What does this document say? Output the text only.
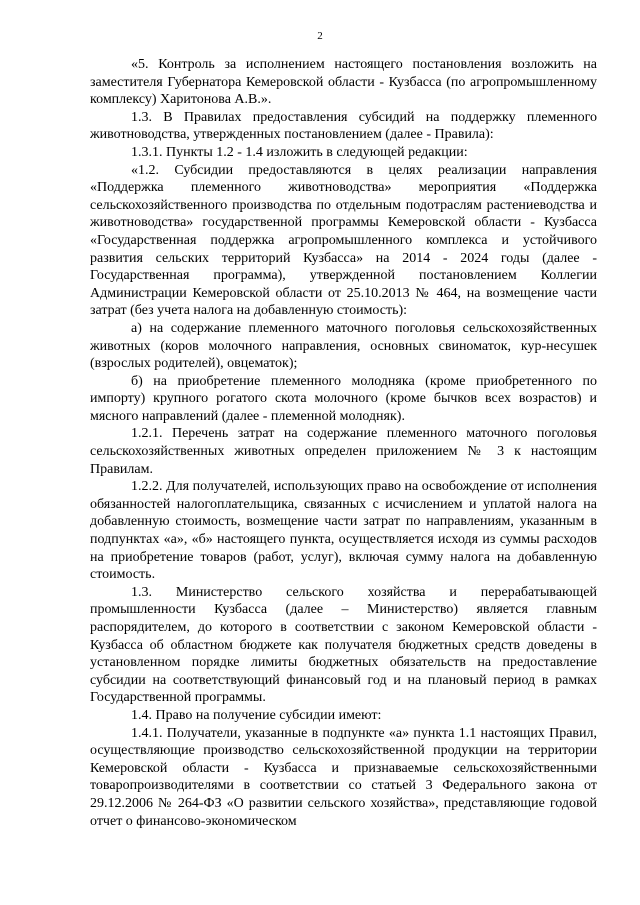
2

«5. Контроль за исполнением настоящего постановления возложить на заместителя Губернатора Кемеровской области - Кузбасса (по агропромышленному комплексу) Харитонова А.В.».

1.3. В Правилах предоставления субсидий на поддержку племенного животноводства, утвержденных постановлением (далее - Правила):

1.3.1. Пункты 1.2 - 1.4 изложить в следующей редакции:

«1.2. Субсидии предоставляются в целях реализации направления «Поддержка племенного животноводства» мероприятия «Поддержка сельскохозяйственного производства по отдельным подотраслям растениеводства и животноводства» государственной программы Кемеровской области - Кузбасса «Государственная поддержка агропромышленного комплекса и устойчивого развития сельских территорий Кузбасса» на 2014 - 2024 годы (далее - Государственная программа), утвержденной постановлением Коллегии Администрации Кемеровской области от 25.10.2013 № 464, на возмещение части затрат (без учета налога на добавленную стоимость):

а) на содержание племенного маточного поголовья сельскохозяйственных животных (коров молочного направления, основных свиноматок, кур-несушек (взрослых родителей), овцематок);

б) на приобретение племенного молодняка (кроме приобретенного по импорту) крупного рогатого скота молочного (кроме бычков всех возрастов) и мясного направлений (далее - племенной молодняк).

1.2.1. Перечень затрат на содержание племенного маточного поголовья сельскохозяйственных животных определен приложением № 3 к настоящим Правилам.

1.2.2. Для получателей, использующих право на освобождение от исполнения обязанностей налогоплательщика, связанных с исчислением и уплатой налога на добавленную стоимость, возмещение части затрат по направлениям, указанным в подпунктах «а», «б» настоящего пункта, осуществляется исходя из суммы расходов на приобретение товаров (работ, услуг), включая сумму налога на добавленную стоимость.

1.3. Министерство сельского хозяйства и перерабатывающей промышленности Кузбасса (далее – Министерство) является главным распорядителем, до которого в соответствии с законом Кемеровской области - Кузбасса об областном бюджете как получателя бюджетных средств доведены в установленном порядке лимиты бюджетных обязательств на предоставление субсидии на соответствующий финансовый год и на плановый период в рамках Государственной программы.

1.4. Право на получение субсидии имеют:

1.4.1. Получатели, указанные в подпункте «а» пункта 1.1 настоящих Правил, осуществляющие производство сельскохозяйственной продукции на территории Кемеровской области - Кузбасса и признаваемые сельскохозяйственными товаропроизводителями в соответствии со статьей 3 Федерального закона от 29.12.2006 № 264-ФЗ «О развитии сельского хозяйства», представляющие годовой отчет о финансово-экономическом
